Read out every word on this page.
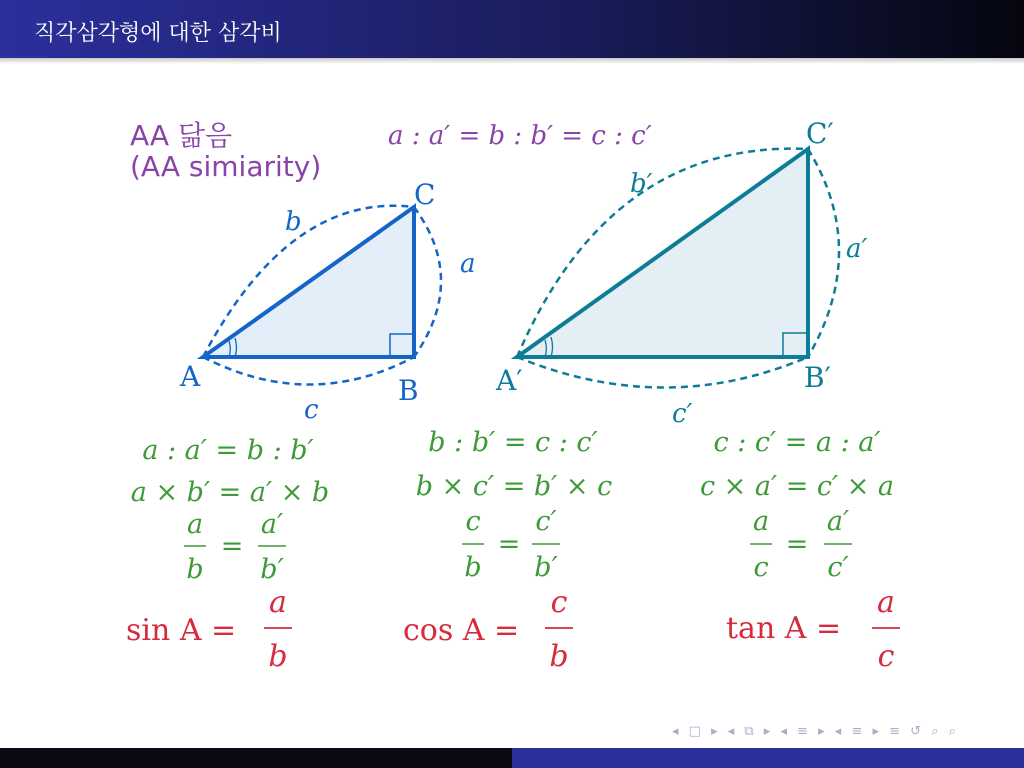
직각삼각형에 대한 삼각비
AA 닮음
(AA simiarity)
a : a′ = b : b′ = c : c′
A	B
C
a
b
c
A′	B′
C′
a′
b′
c′
a : a′ = b : b′
a × b′ = a′ × b
a
b
=
a′
b′
sin A =
a
b
b : b′ = c : c′
b × c′ = b′ × c
c
b
=
c′
b′
cos A =
c
b
c : c′ = a : a′
c × a′ = c′ × a
a
c
=
a′
c′
tan A =
a
c
◂ □ ▸ ◂ ⧉ ▸ ◂ ≡ ▸ ◂ ≡ ▸ ≡ ↺ ⌕ ⌕
